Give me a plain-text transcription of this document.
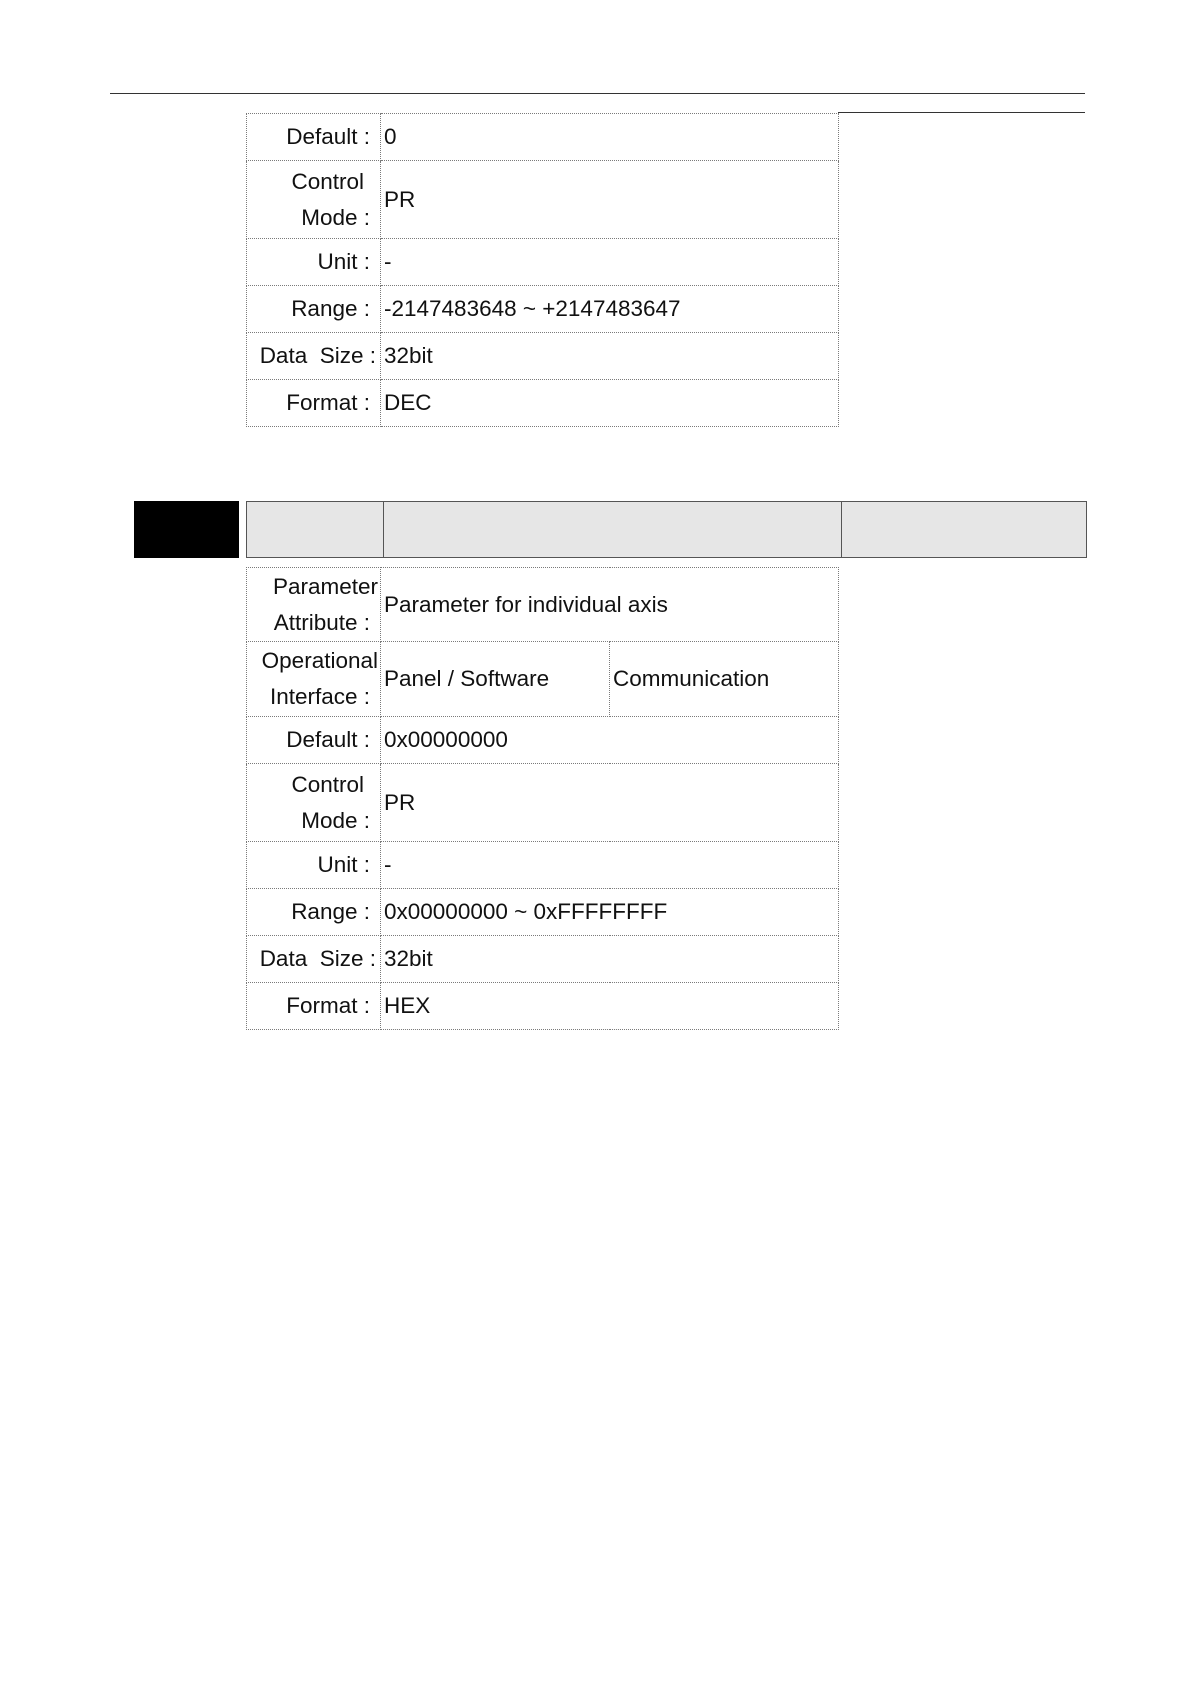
Default :	0

Control
Mode :	PR

Unit :	-

Range :	-2147483648 ~ +2147483647

Data  Size :	32bit

Format :	DEC
Parameter
Attribute :	Parameter for individual axis	

Operational
Interface :	Panel / Software	Communication

Default :	0x00000000	

Control
Mode :	PR	

Unit :	-	

Range :	0x00000000 ~ 0xFFFFFFFF	

Data  Size :	32bit	

Format :	HEX	
